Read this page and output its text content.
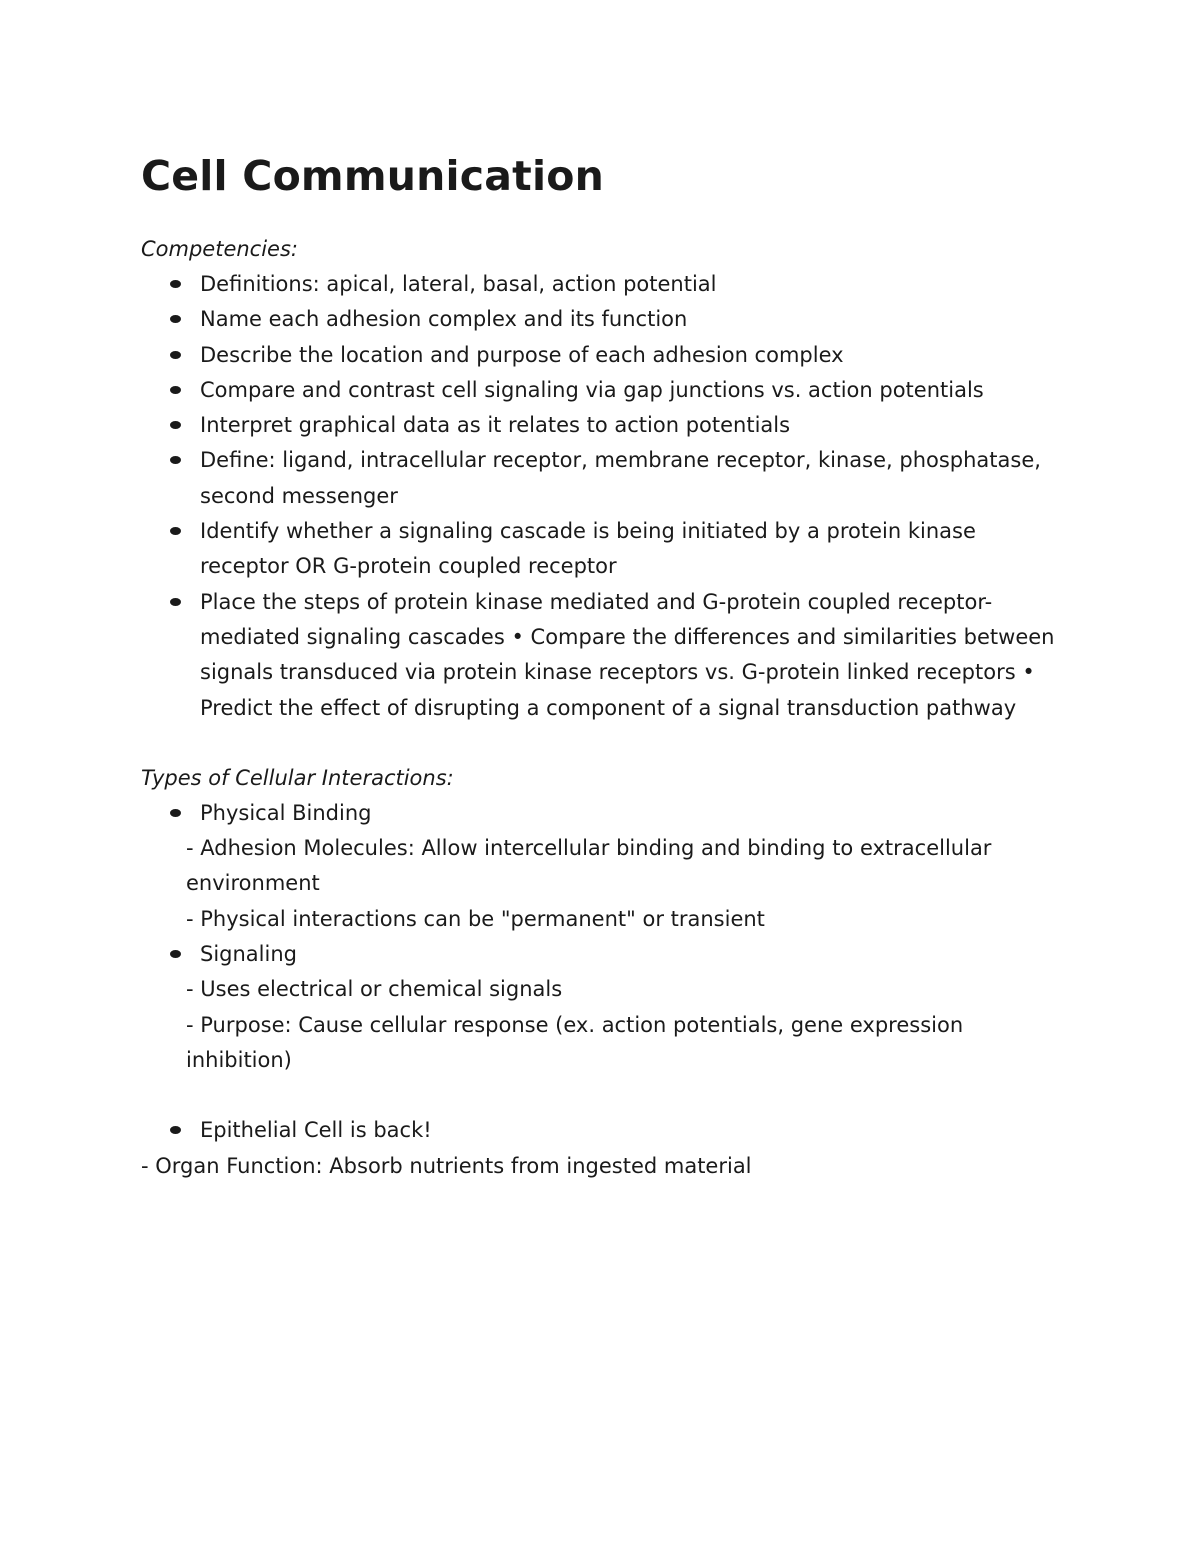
Cell Communication

Competencies:

Definitions: apical, lateral, basal, action potential
Name each adhesion complex and its function
Describe the location and purpose of each adhesion complex
Compare and contrast cell signaling via gap junctions vs. action potentials
Interpret graphical data as it relates to action potentials
Define: ligand, intracellular receptor, membrane receptor, kinase, phosphatase, second messenger
Identify whether a signaling cascade is being initiated by a protein kinase receptor OR G-protein coupled receptor
Place the steps of protein kinase mediated and G-protein coupled receptor-mediated signaling cascades • Compare the differences and similarities between signals transduced via protein kinase receptors vs. G-protein linked receptors • Predict the effect of disrupting a component of a signal transduction pathway

Types of Cellular Interactions:

Physical Binding

- Adhesion Molecules: Allow intercellular binding and binding to extracellular environment

- Physical interactions can be "permanent" or transient

Signaling

- Uses electrical or chemical signals

- Purpose: Cause cellular response (ex. action potentials, gene expression inhibition)

Epithelial Cell is back!

- Organ Function: Absorb nutrients from ingested material
